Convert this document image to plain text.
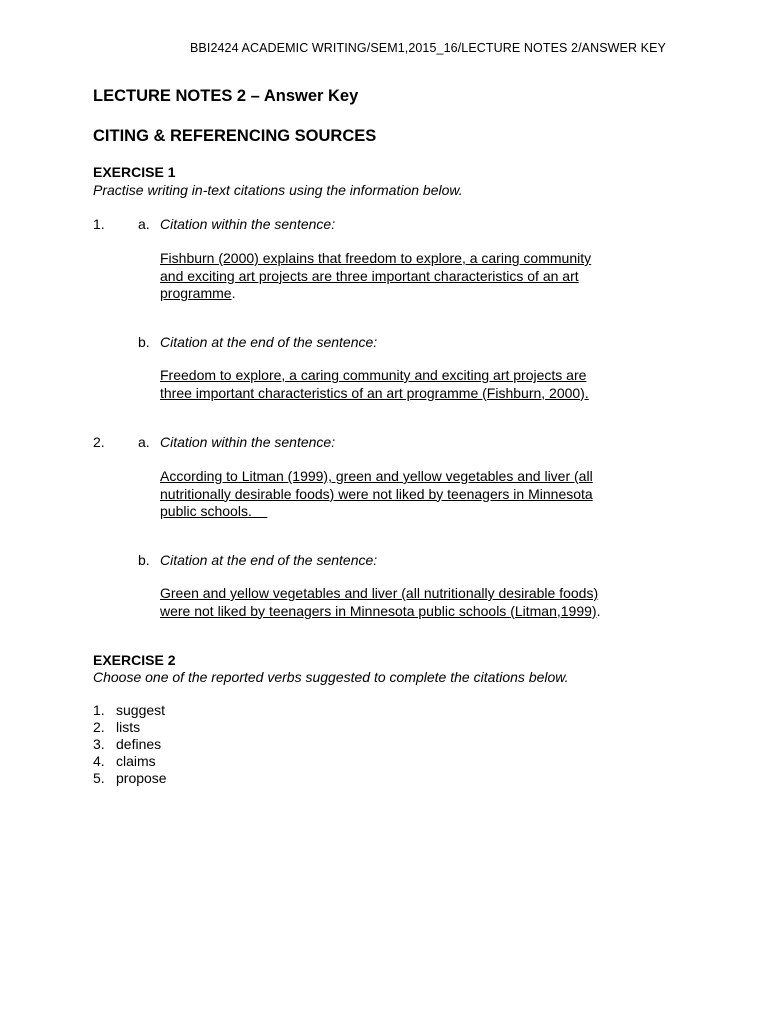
BBI2424 ACADEMIC WRITING/SEM1,2015_16/LECTURE NOTES 2/ANSWER KEY
LECTURE NOTES 2 – Answer Key
CITING & REFERENCING SOURCES
EXERCISE 1
Practise writing in-text citations using the information below.
1. a. Citation within the sentence:
Fishburn (2000) explains that freedom to explore, a caring community
and exciting art projects are three important characteristics of an art
programme.
b. Citation at the end of the sentence:
Freedom to explore, a caring community and exciting art projects are
three important characteristics of an art programme (Fishburn, 2000).
2. a. Citation within the sentence:
According to Litman (1999), green and yellow vegetables and liver (all
nutritionally desirable foods) were not liked by teenagers in Minnesota
public schools.
b. Citation at the end of the sentence:
Green and yellow vegetables and liver (all nutritionally desirable foods)
were not liked by teenagers in Minnesota public schools (Litman,1999).
EXERCISE 2
Choose one of the reported verbs suggested to complete the citations below.
1. suggest
2. lists
3. defines
4. claims
5. propose
